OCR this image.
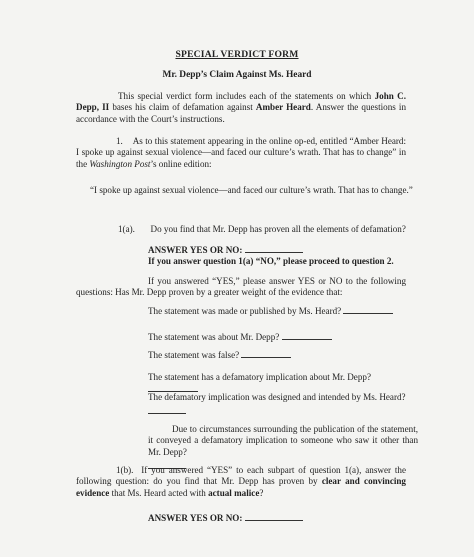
SPECIAL VERDICT FORM
Mr. Depp’s Claim Against Ms. Heard

This special verdict form includes each of the statements on which John C. Depp, II bases his claim of defamation against Amber Heard. Answer the questions in accordance with the Court’s instructions.

1. As to this statement appearing in the online op-ed, entitled “Amber Heard: I spoke up against sexual violence—and faced our culture’s wrath. That has to change” in the Washington Post’s online edition:

“I spoke up against sexual violence—and faced our culture’s wrath. That has to change.”

1(a). Do you find that Mr. Depp has proven all the elements of defamation?

ANSWER YES OR NO:
If you answer question 1(a) “NO,” please proceed to question 2.

If you answered “YES,” please answer YES or NO to the following questions: Has Mr. Depp proven by a greater weight of the evidence that:

The statement was made or published by Ms. Heard?

The statement was about Mr. Depp?

The statement was false?

The statement has a defamatory implication about Mr. Depp?

The defamatory implication was designed and intended by Ms. Heard?
Due to circumstances surrounding the publication of the statement, it conveyed a defamatory implication to someone who saw it other than Mr. Depp?

1(b). If you answered “YES” to each subpart of question 1(a), answer the following question: do you find that Mr. Depp has proven by clear and convincing evidence that Ms. Heard acted with actual malice?

ANSWER YES OR NO:
